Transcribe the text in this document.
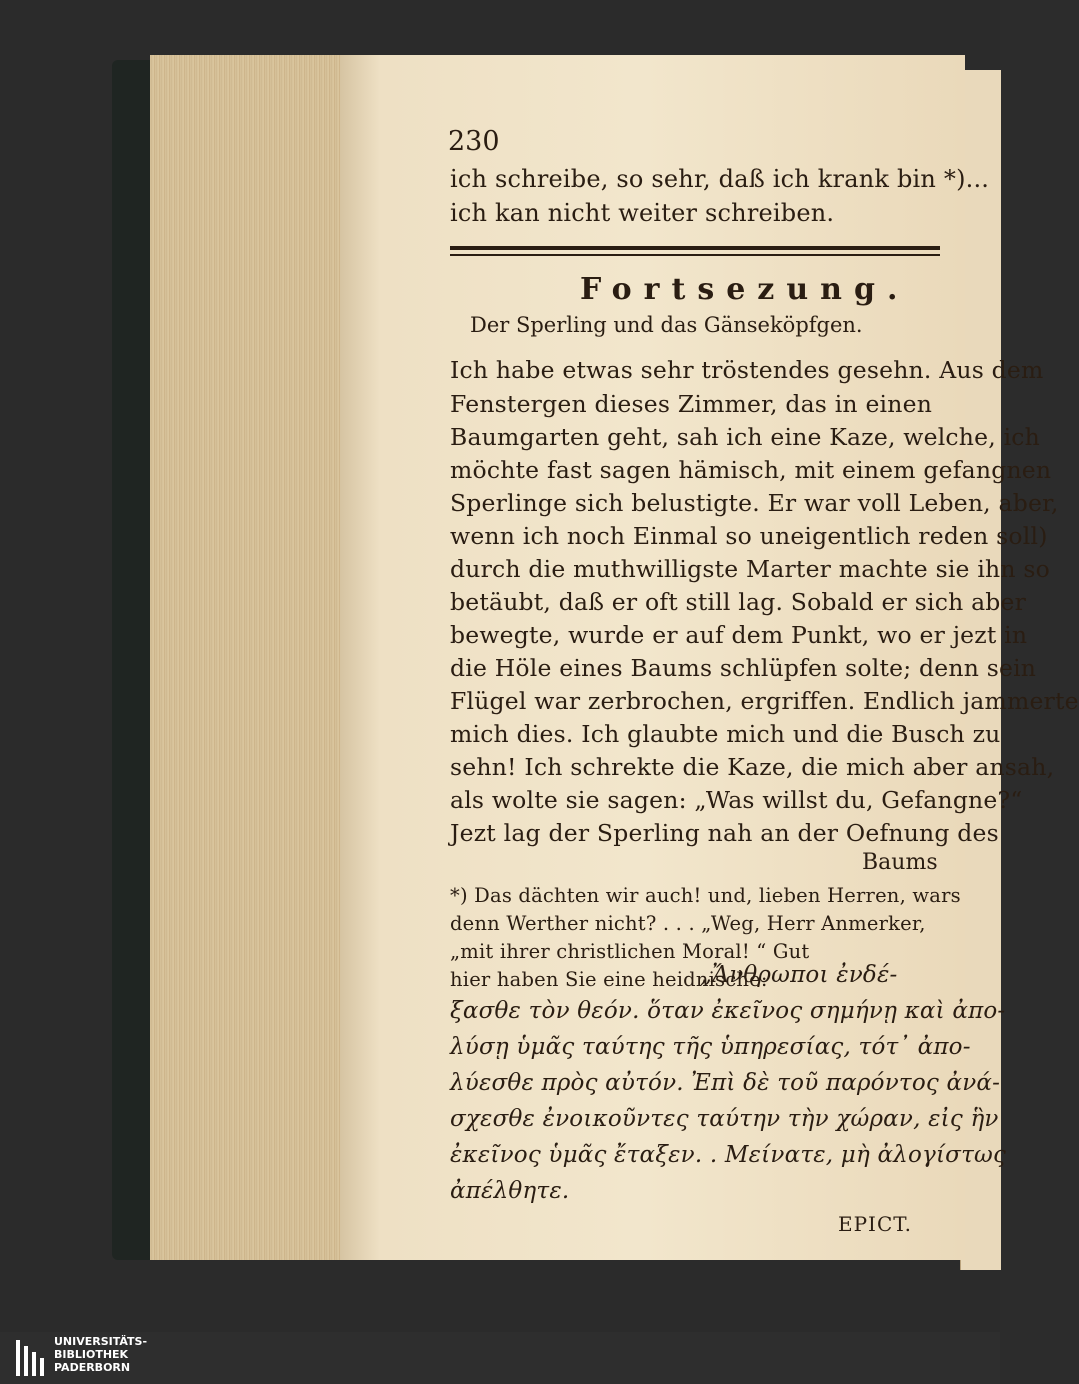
230
ich schreibe, so sehr, daß ich krank bin *)...
ich kan nicht weiter schreiben.
Fortsezung.
Der Sperling und das Gänseköpfgen.
Ich habe etwas sehr tröstendes gesehn. Aus dem
Fenstergen dieses Zimmer, das in einen
Baumgarten geht, sah ich eine Kaze, welche, ich
möchte fast sagen hämisch, mit einem gefangnen
Sperlinge sich belustigte. Er war voll Leben, aber,
wenn ich noch Einmal so uneigentlich reden soll)
durch die muthwilligste Marter machte sie ihn so
betäubt, daß er oft still lag. Sobald er sich aber
bewegte, wurde er auf dem Punkt, wo er jezt in
die Höle eines Baums schlüpfen solte; denn sein
Flügel war zerbrochen, ergriffen. Endlich jammerte
mich dies. Ich glaubte mich und die Busch zu
sehn! Ich schrekte die Kaze, die mich aber ansah,
als wolte sie sagen: „Was willst du, Gefangne?“
Jezt lag der Sperling nah an der Oefnung des
Baums
*) Das dächten wir auch! und, lieben Herren, wars
denn Werther nicht? . . . „Weg, Herr Anmerker,
„mit ihrer christlichen Moral! “ Gut
hier haben Sie eine heidnische:
„Ἄνθρωποι ἐνδέ-
ξασθε τὸν θεόν. ὅταν ἐκεῖνος σημήνῃ καὶ ἀπο-
λύσῃ ὑμᾶς ταύτης τῆς ὑπηρεσίας, τότ᾽ ἀπο-
λύεσθε πρὸς αὐτόν. Ἐπὶ δὲ τοῦ παρόντος ἀνά-
σχεσθε ἐνοικοῦντες ταύτην τὴν χώραν, εἰς ἣν
ἐκεῖνος ὑμᾶς ἔταξεν. . Μείνατε, μὴ ἀλογίστως
ἀπέλθητε.
EPICT.
UNIVERSITÄTS-
BIBLIOTHEK
PADERBORN
